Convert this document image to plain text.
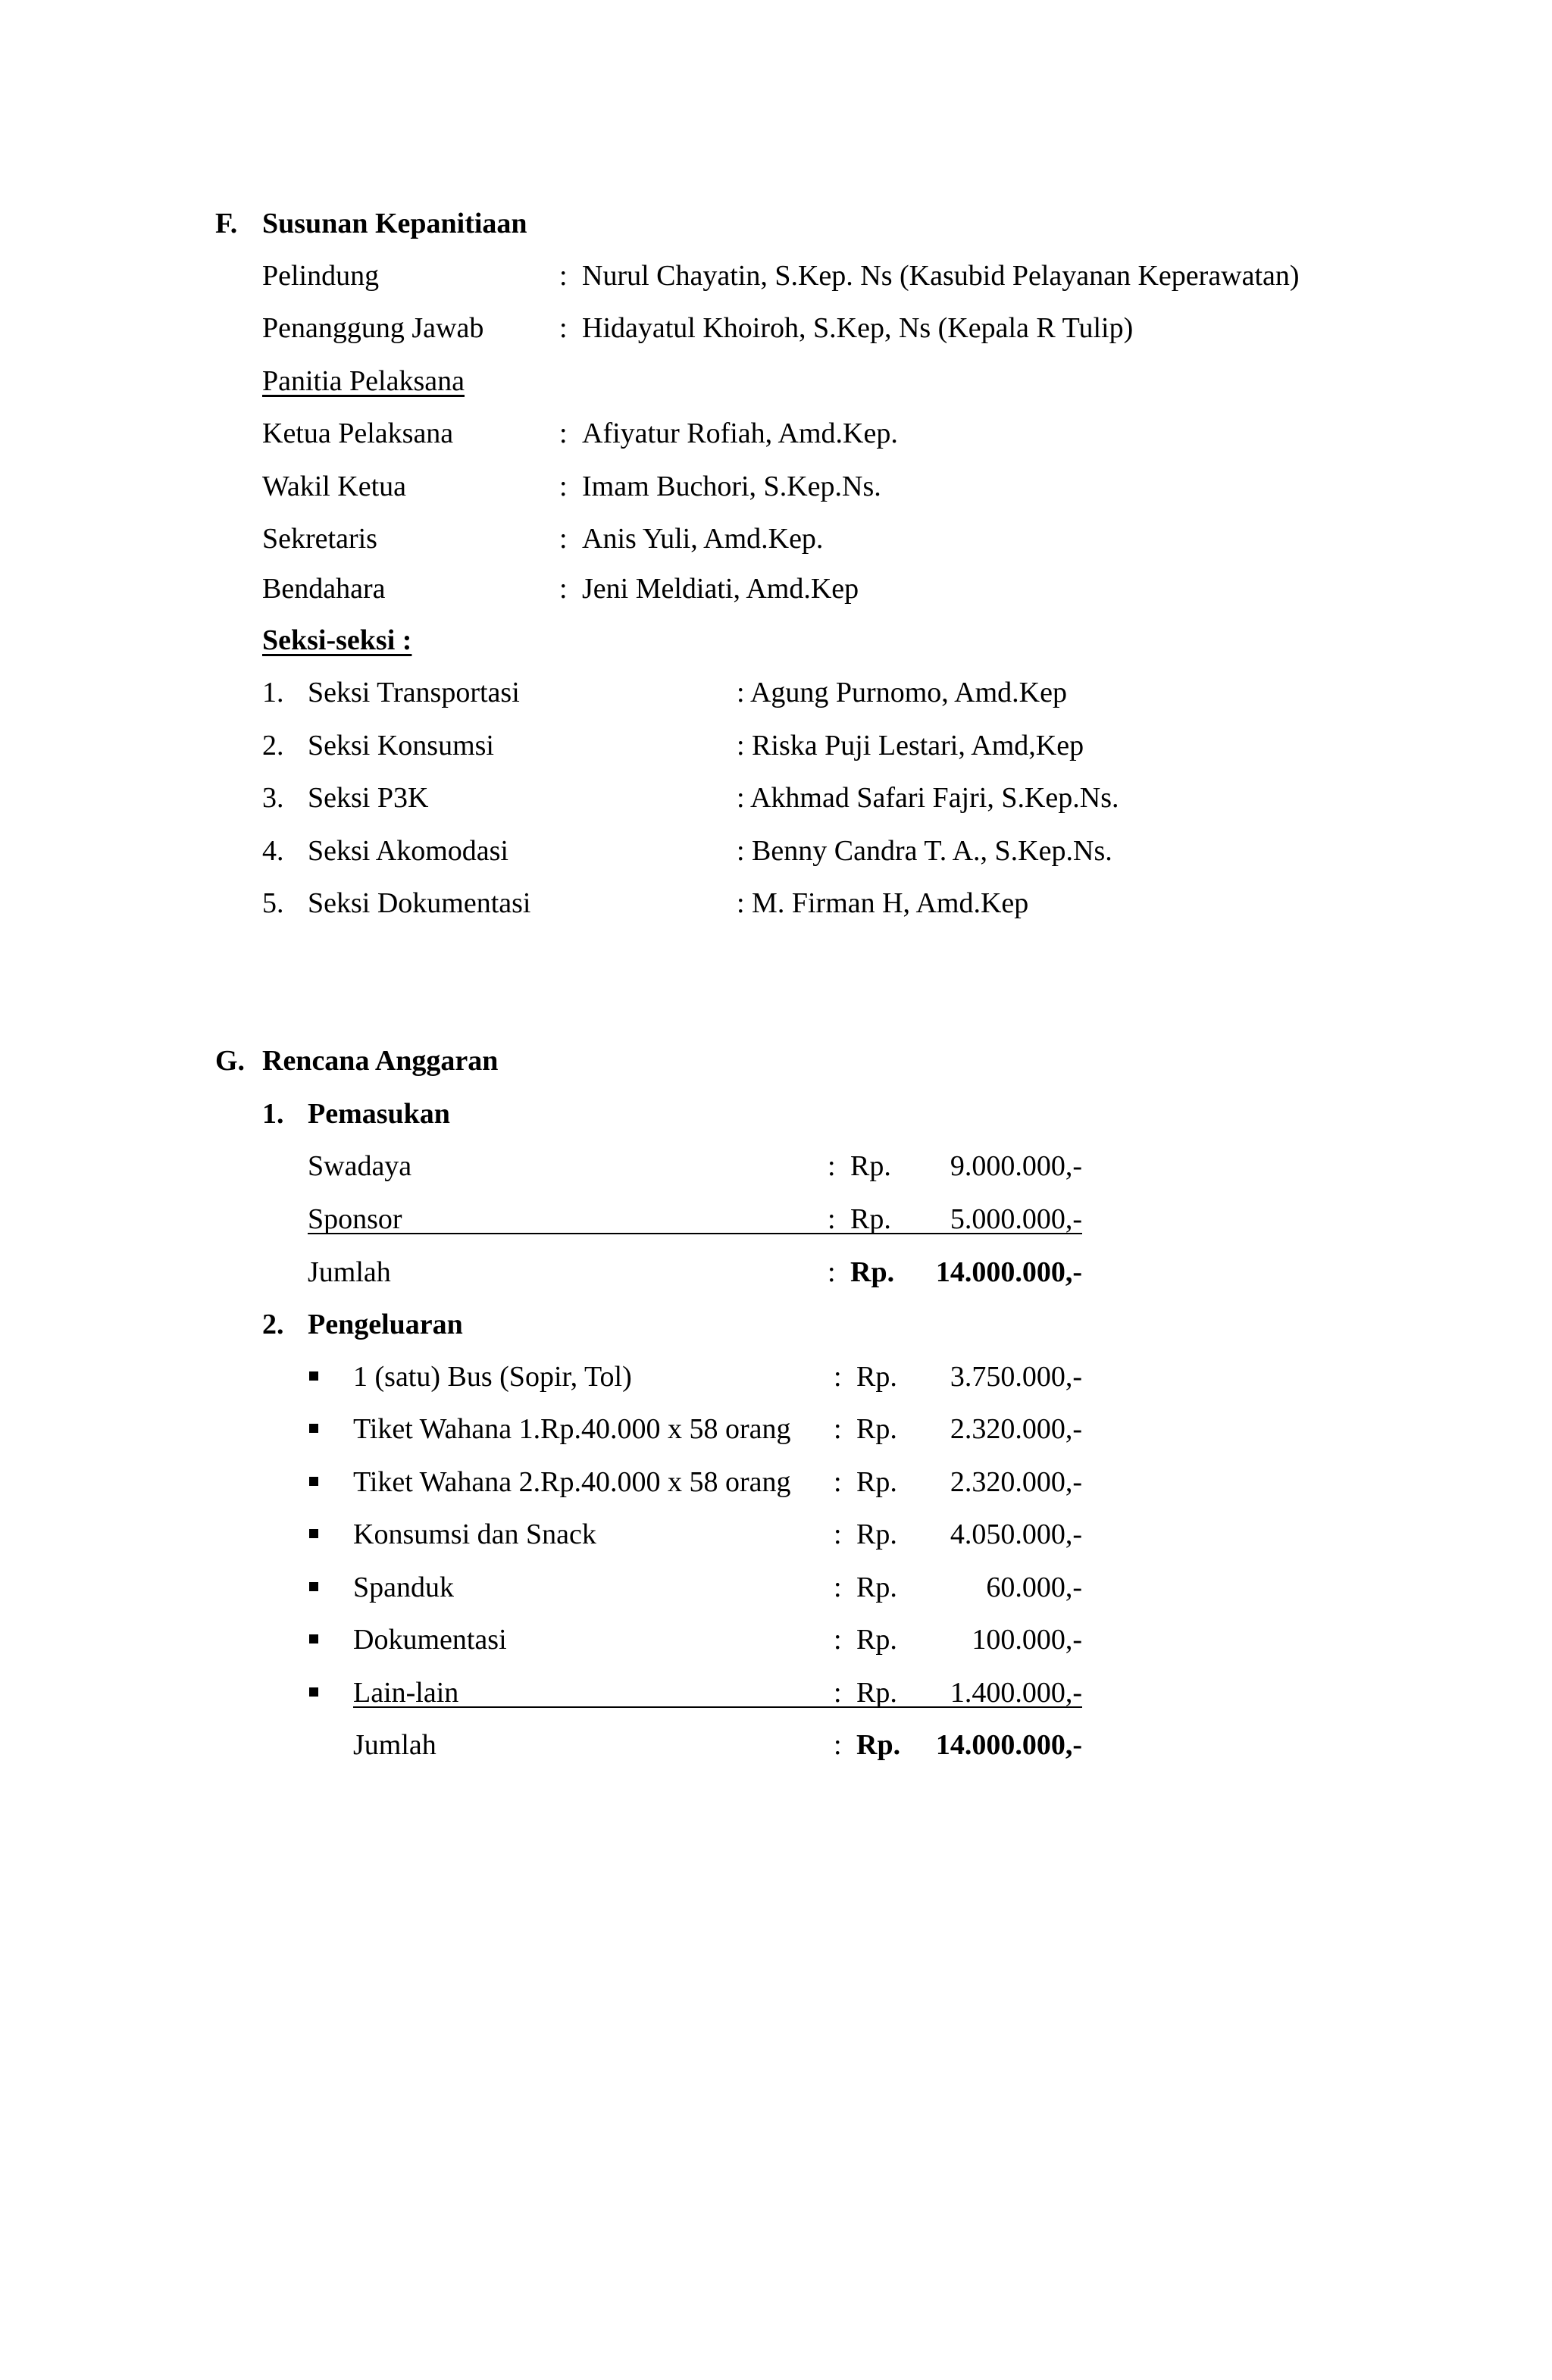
F. Susunan Kepanitiaan
Pelindung	: Nurul Chayatin, S.Kep. Ns (Kasubid Pelayanan Keperawatan)
Penanggung Jawab	: Hidayatul Khoiroh, S.Kep, Ns (Kepala R Tulip)
Panitia Pelaksana
Ketua Pelaksana	: Afiyatur Rofiah, Amd.Kep.
Wakil Ketua	: Imam Buchori, S.Kep.Ns.
Sekretaris	: Anis Yuli, Amd.Kep.
Bendahara	: Jeni Meldiati, Amd.Kep
Seksi-seksi :
1. Seksi Transportasi	: Agung Purnomo, Amd.Kep
2. Seksi Konsumsi	: Riska Puji Lestari, Amd,Kep
3. Seksi P3K	: Akhmad Safari Fajri, S.Kep.Ns.
4. Seksi Akomodasi	: Benny Candra T. A., S.Kep.Ns.
5. Seksi Dokumentasi	: M. Firman H, Amd.Kep
G. Rencana Anggaran
1. Pemasukan
Swadaya	: Rp.	9.000.000,-
Sponsor	: Rp.	5.000.000,-
Jumlah	: Rp.	14.000.000,-
2. Pengeluaran
1 (satu) Bus (Sopir, Tol)	: Rp.	3.750.000,-
Tiket Wahana 1.Rp.40.000 x 58 orang : Rp.	2.320.000,-
Tiket Wahana 2.Rp.40.000 x 58 orang : Rp.	2.320.000,-
Konsumsi dan Snack	: Rp.	4.050.000,-
Spanduk	: Rp.	60.000,-
Dokumentasi	: Rp.	100.000,-
Lain-lain	: Rp.	1.400.000,-
Jumlah	: Rp.	14.000.000,-
